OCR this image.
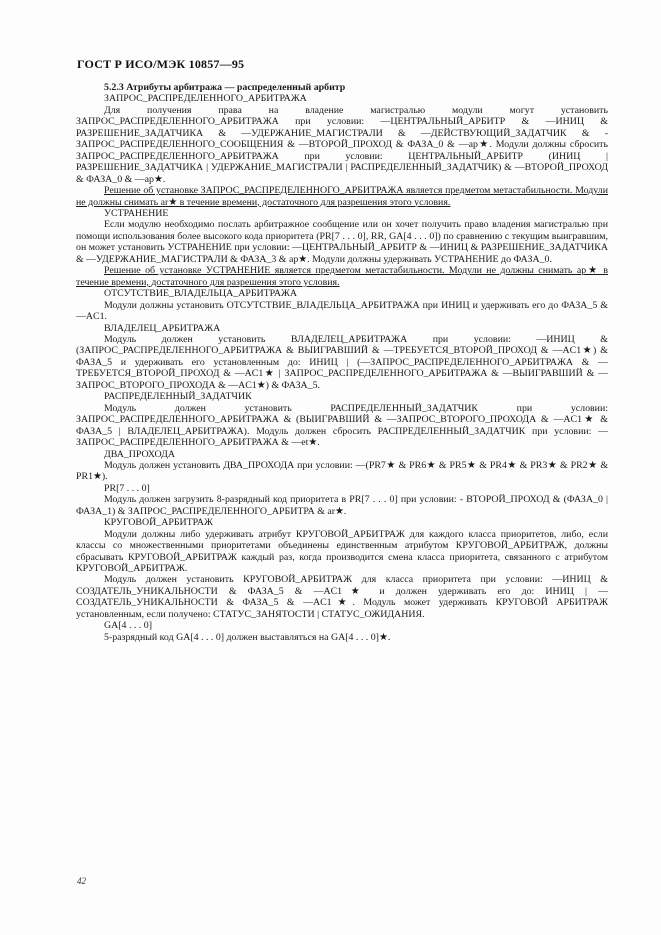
ГОСТ Р ИСО/МЭК 10857—95

5.2.3 Атрибуты арбитража — распределенный арбитр

ЗАПРОС_РАСПРЕДЕЛЕННОГО_АРБИТРАЖА

Для получения права на владение магистралью модули могут установить ЗАПРОС_РАСПРЕДЕЛЕННОГО_АРБИТРАЖА при условии: —ЦЕНТРАЛЬНЫЙ_АРБИТР & —ИНИЦ & РАЗРЕШЕНИЕ_ЗАДАТЧИКА & —УДЕРЖАНИЕ_МАГИСТРАЛИ & —ДЕЙСТВУЮЩИЙ_ЗАДАТЧИК & - ЗАПРОС_РАСПРЕДЕЛЕННОГО_СООБЩЕНИЯ & —ВТОРОЙ_ПРОХОД & ФАЗА_0 & —ар★. Модули должны сбросить ЗАПРОС_РАСПРЕДЕЛЕННОГО_АРБИТРАЖА при условии: ЦЕНТРАЛЬНЫЙ_АРБИТР (ИНИЦ | РАЗРЕШЕНИЕ_ЗАДАТЧИКА | УДЕРЖАНИЕ_МАГИСТРАЛИ | РАСПРЕДЕЛЕННЫЙ_ЗАДАТЧИК) & —ВТОРОЙ_ПРОХОД & ФАЗА_0 & —ар★.

Решение об установке ЗАПРОС_РАСПРЕДЕЛЕННОГО_АРБИТРАЖА является предметом метастабильности. Модули не должны снимать ar★ в течение времени, достаточного для разрешения этого условия.

УСТРАНЕНИЕ

Если модулю необходимо послать арбитражное сообщение или он хочет получить право владения магистралью при помощи использования более высокого кода приоритета (PR[7 . . . 0], RR, GA[4 . . . 0]) по сравнению с текущим выигравшим, он может установить УСТРАНЕНИЕ при условии: —ЦЕНТРАЛЬНЫЙ_АРБИТР & —ИНИЦ & РАЗРЕШЕНИЕ_ЗАДАТЧИКА & —УДЕРЖАНИЕ_МАГИСТРАЛИ & ФАЗА_3 & ар★. Модули должны удерживать УСТРАНЕНИЕ до ФАЗА_0.

Решение об установке УСТРАНЕНИЕ является предметом метастабильности. Модули не должны снимать ар★ в течение времени, достаточного для разрешения этого условия.

ОТСУТСТВИЕ_ВЛАДЕЛЬЦА_АРБИТРАЖА

Модули должны установить ОТСУТСТВИЕ_ВЛАДЕЛЬЦА_АРБИТРАЖА при ИНИЦ и удерживать его до ФАЗА_5 & —AC1.

ВЛАДЕЛЕЦ_АРБИТРАЖА

Модуль должен установить ВЛАДЕЛЕЦ_АРБИТРАЖА при условии: —ИНИЦ & (ЗАПРОС_РАСПРЕДЕЛЕННОГО_АРБИТРАЖА & ВЫИГРАВШИЙ & —ТРЕБУЕТСЯ_ВТОРОЙ_ПРОХОД & —AC1★) & ФАЗА_5 и удерживать его установленным до: ИНИЦ | (—ЗАПРОС_РАСПРЕДЕЛЕННОГО_АРБИТРАЖА & —ТРЕБУЕТСЯ_ВТОРОЙ_ПРОХОД & —AC1★ | ЗАПРОС_РАСПРЕДЕЛЕННОГО_АРБИТРАЖА & —ВЫИГРАВШИЙ & —ЗАПРОС_ВТОРОГО_ПРОХОДА & —AC1★) & ФАЗА_5.

РАСПРЕДЕЛЕННЫЙ_ЗАДАТЧИК

Модуль должен установить РАСПРЕДЕЛЕННЫЙ_ЗАДАТЧИК при условии: ЗАПРОС_РАСПРЕДЕЛЕННОГО_АРБИТРАЖА & (ВЫИГРАВШИЙ & —ЗАПРОС_ВТОРОГО_ПРОХОДА & —AC1★ & ФАЗА_5 | ВЛАДЕЛЕЦ_АРБИТРАЖА). Модуль должен сбросить РАСПРЕДЕЛЕННЫЙ_ЗАДАТЧИК при условии: —ЗАПРОС_РАСПРЕДЕЛЕННОГО_АРБИТРАЖА & —et★.

ДВА_ПРОХОДА

Модуль должен установить ДВА_ПРОХОДА при условии: —(PR7★ & PR6★ & PR5★ & PR4★ & PR3★ & PR2★ & PR1★).

PR[7 . . . 0]

Модуль должен загрузить 8-разрядный код приоритета в PR[7 . . . 0] при условии: - ВТОРОЙ_ПРОХОД & (ФАЗА_0 | ФАЗА_1) & ЗАПРОС_РАСПРЕДЕЛЕННОГО_АРБИТРА & ar★.

КРУГОВОЙ_АРБИТРАЖ

Модули должны либо удерживать атрибут КРУГОВОЙ_АРБИТРАЖ для каждого класса приоритетов, либо, если классы со множественными приоритетами объединены единственным атрибутом КРУГОВОЙ_АРБИТРАЖ, должны сбрасывать КРУГОВОЙ_АРБИТРАЖ каждый раз, когда производится смена класса приоритета, связанного с атрибутом КРУГОВОЙ_АРБИТРАЖ.

Модуль должен установить КРУГОВОЙ_АРБИТРАЖ для класса приоритета при условии: —ИНИЦ & СОЗДАТЕЛЬ_УНИКАЛЬНОСТИ & ФАЗА_5 & —AC1★ и должен удерживать его до: ИНИЦ | —СОЗДАТЕЛЬ_УНИКАЛЬНОСТИ & ФАЗА_5 & —AC1★. Модуль может удерживать КРУГОВОЙ АРБИТРАЖ установленным, если получено: СТАТУС_ЗАНЯТОСТИ | СТАТУС_ОЖИДАНИЯ.

GA[4 . . . 0]

5-разрядный код GA[4 . . . 0] должен выставляться на GA[4 . . . 0]★.

42
